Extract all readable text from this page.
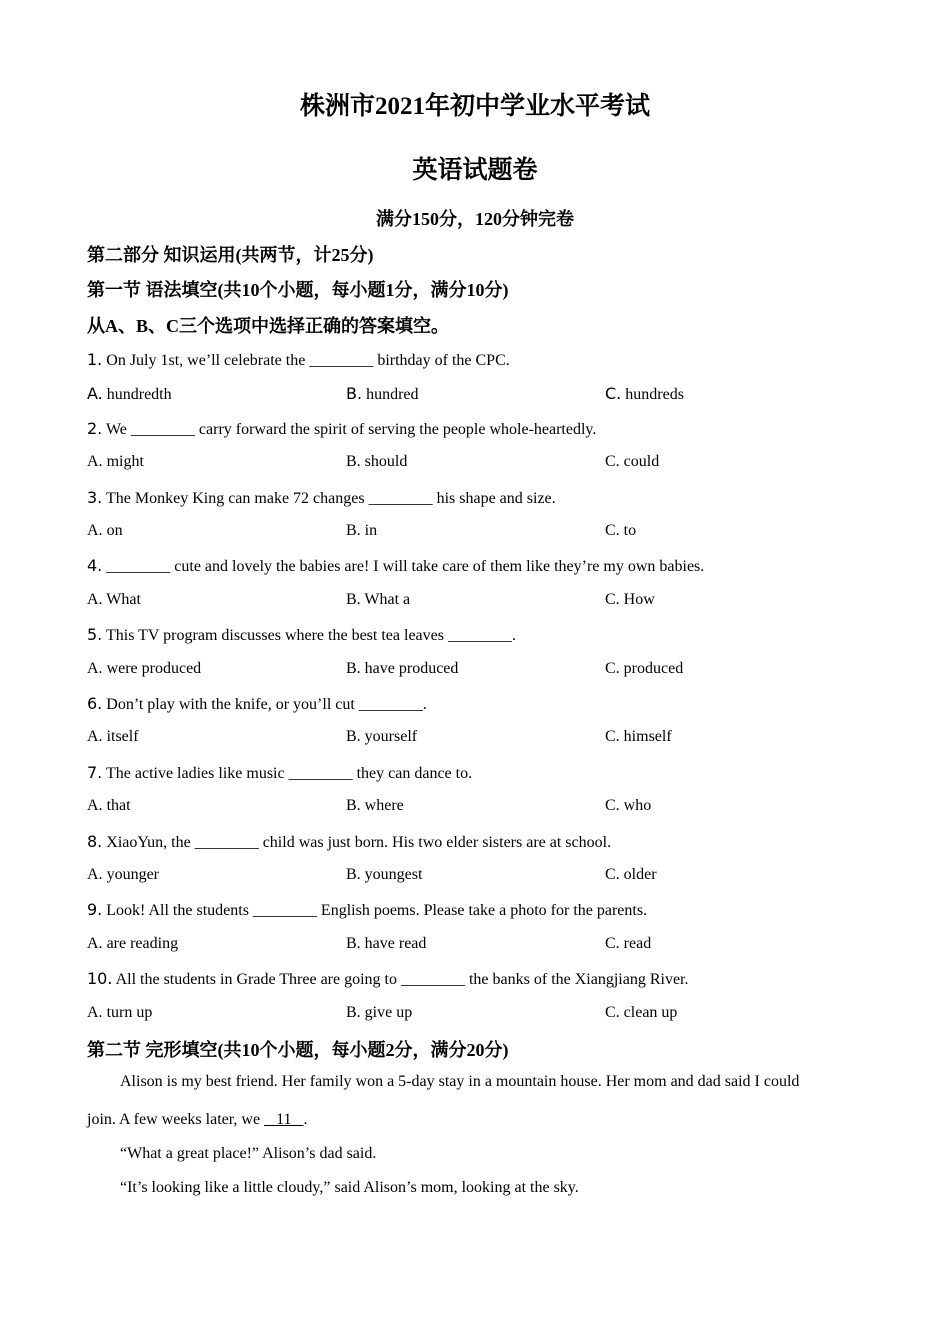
株洲市2021年初中学业水平考试
英语试题卷
满分150分，120分钟完卷
第二部分 知识运用(共两节，计25分)
第一节 语法填空(共10个小题，每小题1分，满分10分)
从A、B、C三个选项中选择正确的答案填空。
1. On July 1st, we’ll celebrate the ________ birthday of the CPC.
A. hundredth	B. hundred	C. hundreds
2. We ________ carry forward the spirit of serving the people whole-heartedly.
A. might	B. should	C. could
3. The Monkey King can make 72 changes ________ his shape and size.
A. on	B. in	C. to
4. ________ cute and lovely the babies are! I will take care of them like they’re my own babies.
A. What	B. What a	C. How
5. This TV program discusses where the best tea leaves ________.
A. were produced	B. have produced	C. produced
6. Don’t play with the knife, or you’ll cut ________.
A. itself	B. yourself	C. himself
7. The active ladies like music ________ they can dance to.
A. that	B. where	C. who
8. XiaoYun, the ________ child was just born. His two elder sisters are at school.
A. younger	B. youngest	C. older
9. Look! All the students ________ English poems. Please take a photo for the parents.
A. are reading	B. have read	C. read
10. All the students in Grade Three are going to ________ the banks of the Xiangjiang River.
A. turn up	B. give up	C. clean up
第二节 完形填空(共10个小题，每小题2分，满分20分)
Alison is my best friend. Her family won a 5-day stay in a mountain house. Her mom and dad said I could
join. A few weeks later, we    11   .
“What a great place!” Alison’s dad said.
“It’s looking like a little cloudy,” said Alison’s mom, looking at the sky.
